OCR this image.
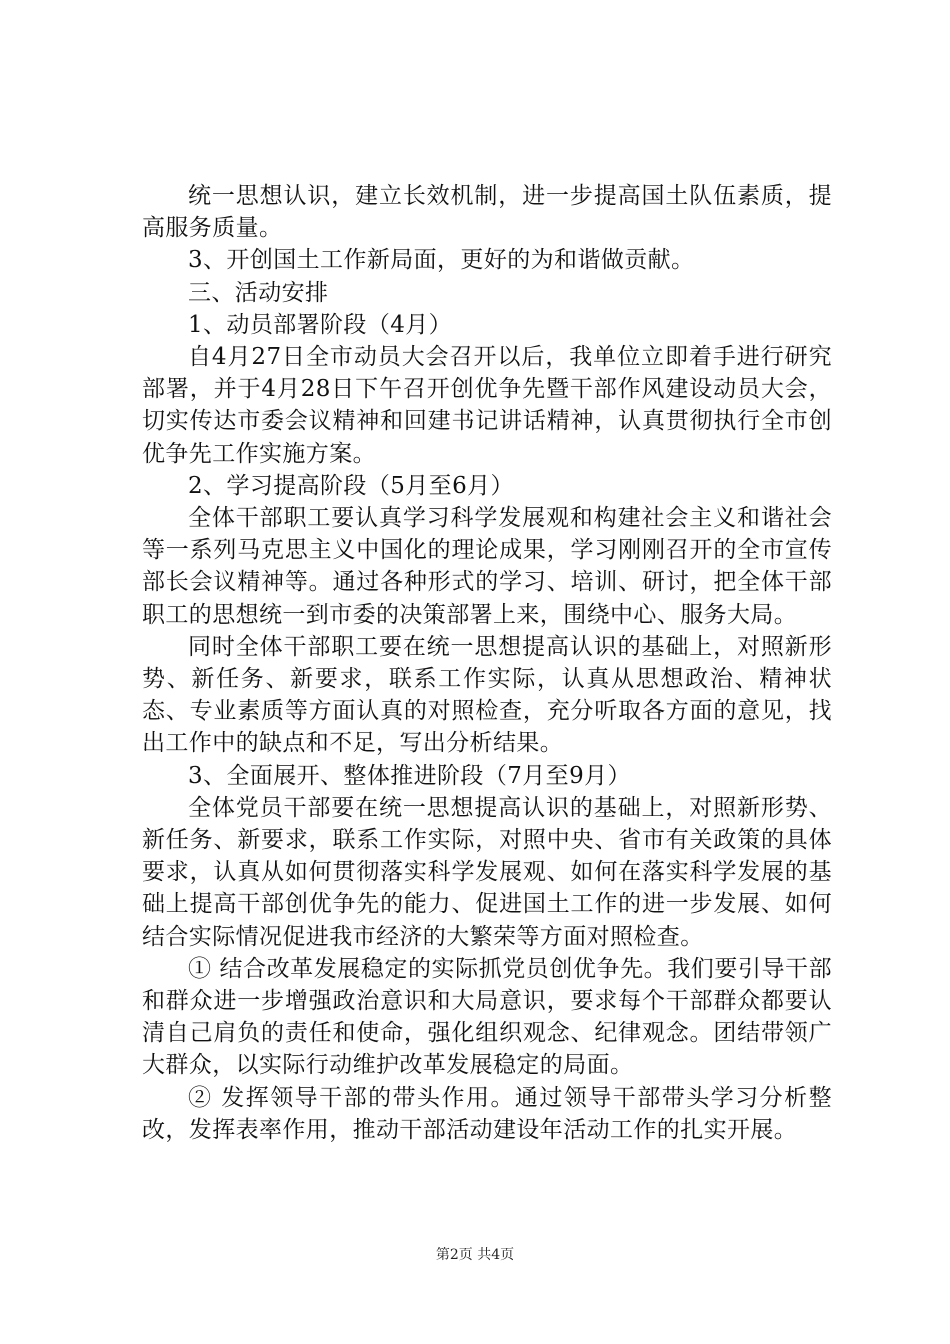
统一思想认识，建立长效机制，进一步提高国土队伍素质，提高服务质量。

3、开创国土工作新局面，更好的为和谐做贡献。

三、活动安排

1、动员部署阶段（4月）

自4月27日全市动员大会召开以后，我单位立即着手进行研究部署，并于4月28日下午召开创优争先暨干部作风建设动员大会，切实传达市委会议精神和回建书记讲话精神，认真贯彻执行全市创优争先工作实施方案。

2、学习提高阶段（5月至6月）

全体干部职工要认真学习科学发展观和构建社会主义和谐社会等一系列马克思主义中国化的理论成果，学习刚刚召开的全市宣传部长会议精神等。通过各种形式的学习、培训、研讨，把全体干部职工的思想统一到市委的决策部署上来，围绕中心、服务大局。

同时全体干部职工要在统一思想提高认识的基础上，对照新形势、新任务、新要求，联系工作实际，认真从思想政治、精神状态、专业素质等方面认真的对照检查，充分听取各方面的意见，找出工作中的缺点和不足，写出分析结果。

3、全面展开、整体推进阶段（7月至9月）

全体党员干部要在统一思想提高认识的基础上，对照新形势、新任务、新要求，联系工作实际，对照中央、省市有关政策的具体要求，认真从如何贯彻落实科学发展观、如何在落实科学发展的基础上提高干部创优争先的能力、促进国土工作的进一步发展、如何结合实际情况促进我市经济的大繁荣等方面对照检查。

① 结合改革发展稳定的实际抓党员创优争先。我们要引导干部和群众进一步增强政治意识和大局意识，要求每个干部群众都要认清自己肩负的责任和使命，强化组织观念、纪律观念。团结带领广大群众，以实际行动维护改革发展稳定的局面。

② 发挥领导干部的带头作用。通过领导干部带头学习分析整改，发挥表率作用，推动干部活动建设年活动工作的扎实开展。

第2页 共4页
